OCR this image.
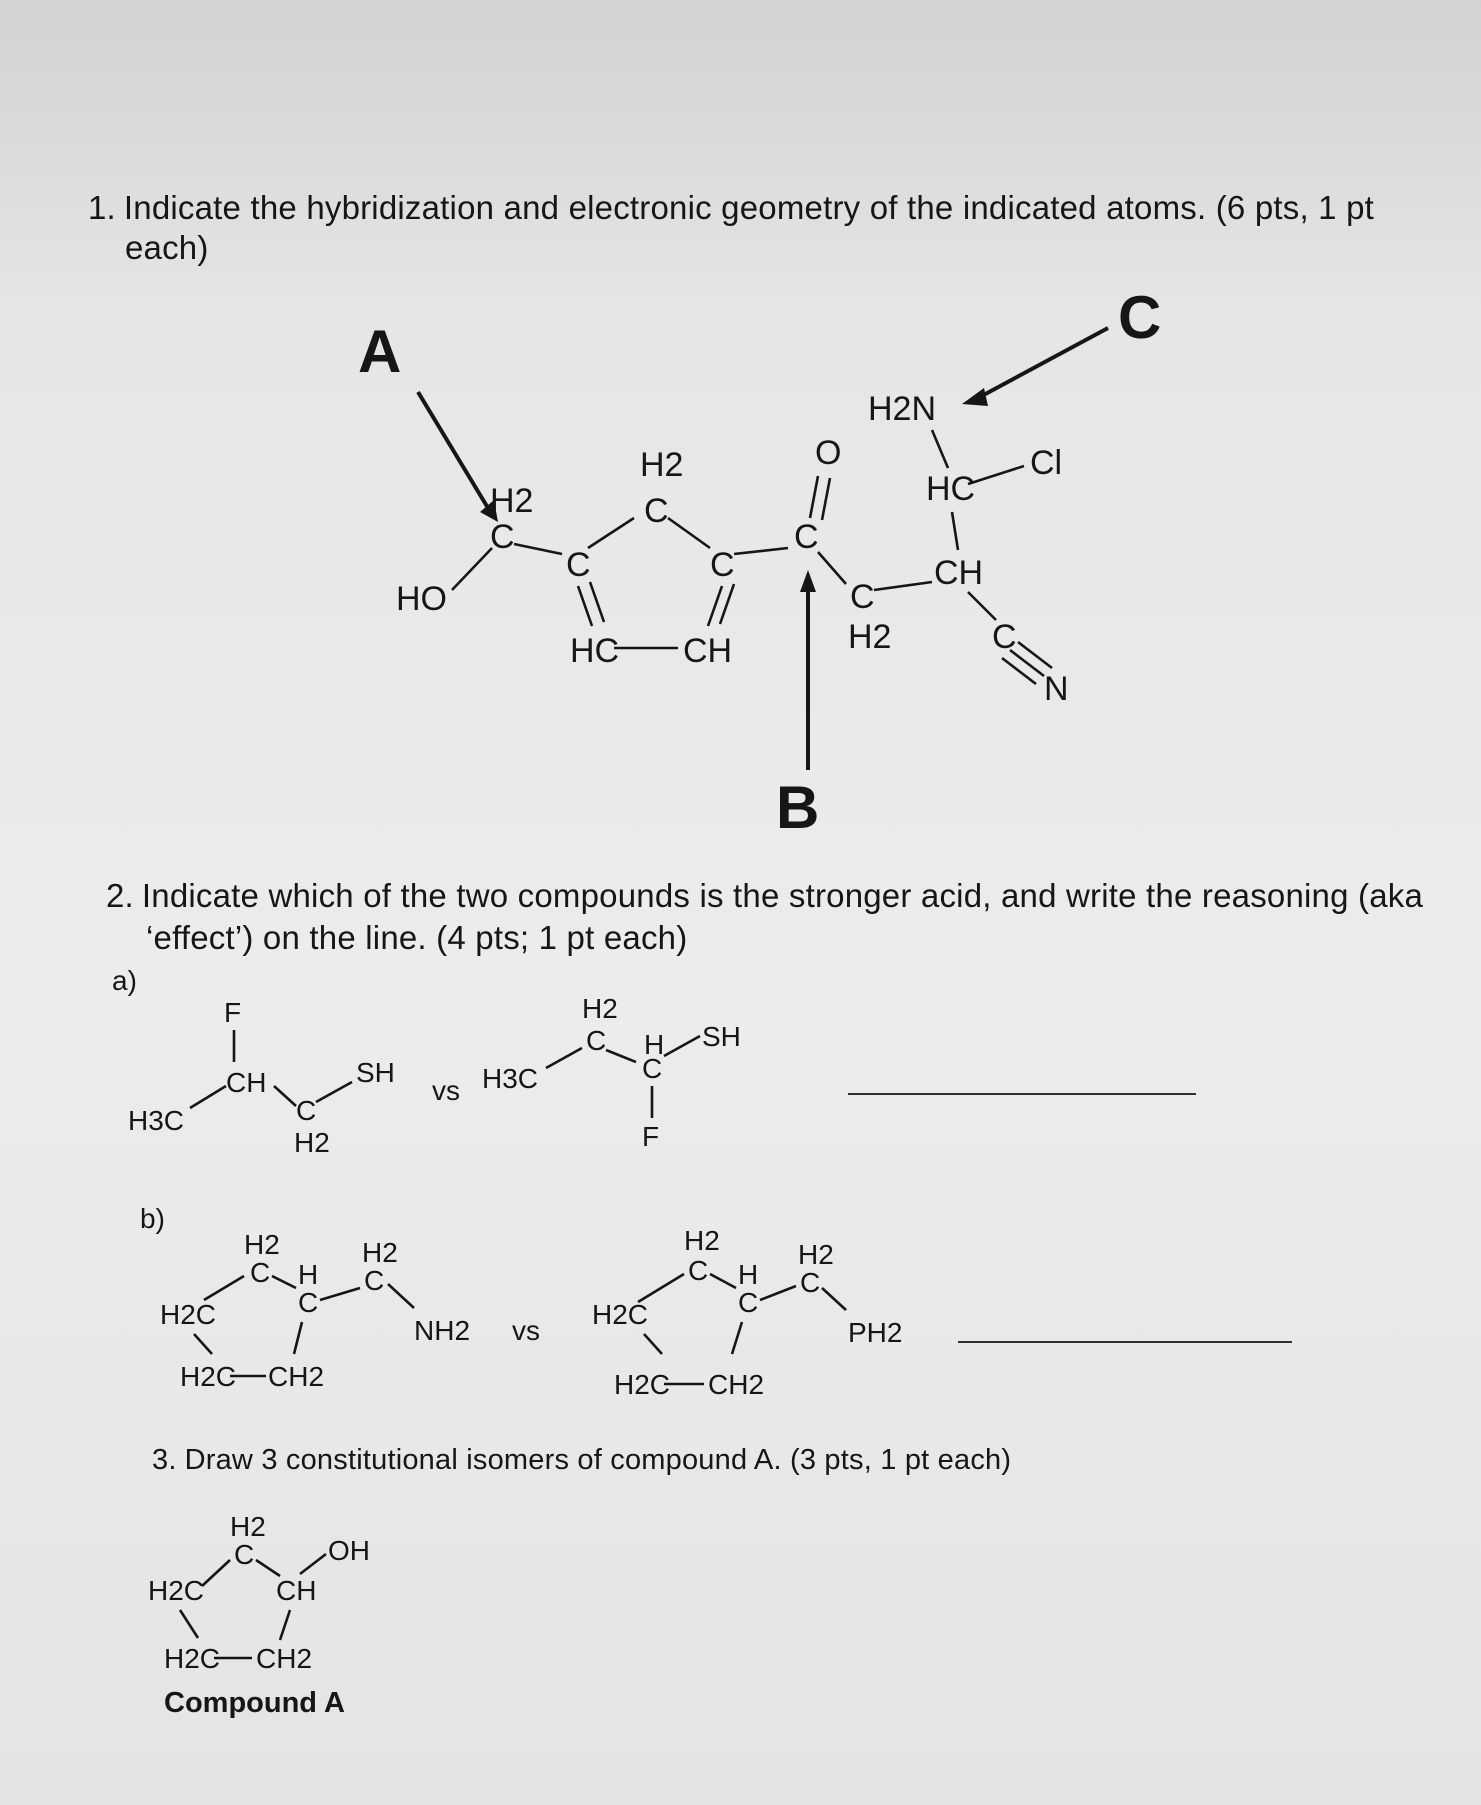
1. Indicate the hybridization and electronic geometry of the indicated atoms. (6 pts, 1 pt
each)
A
C
B
HO
H2
C
C
H2
C
C
HC CH
C
O
C
H2
CH
C
N
HC
Cl
H2N
2. Indicate which of the two compounds is the stronger acid, and write the reasoning (aka
‘effect’) on the line. (4 pts; 1 pt each)
a)
F
CH
H3C	C
H2
SH
vs H3C
H2
C H
C
SH
F
b)
H2
C
H2C
H
C
H2
C
NH2
H2C CH2
vs
H2
C
H2C
H
C
H2
C
PH2
H2C CH2
3. Draw 3 constitutional isomers of compound A. (3 pts, 1 pt each)
H2
C	OH
H2C	CH
H2C CH2
Compound A
